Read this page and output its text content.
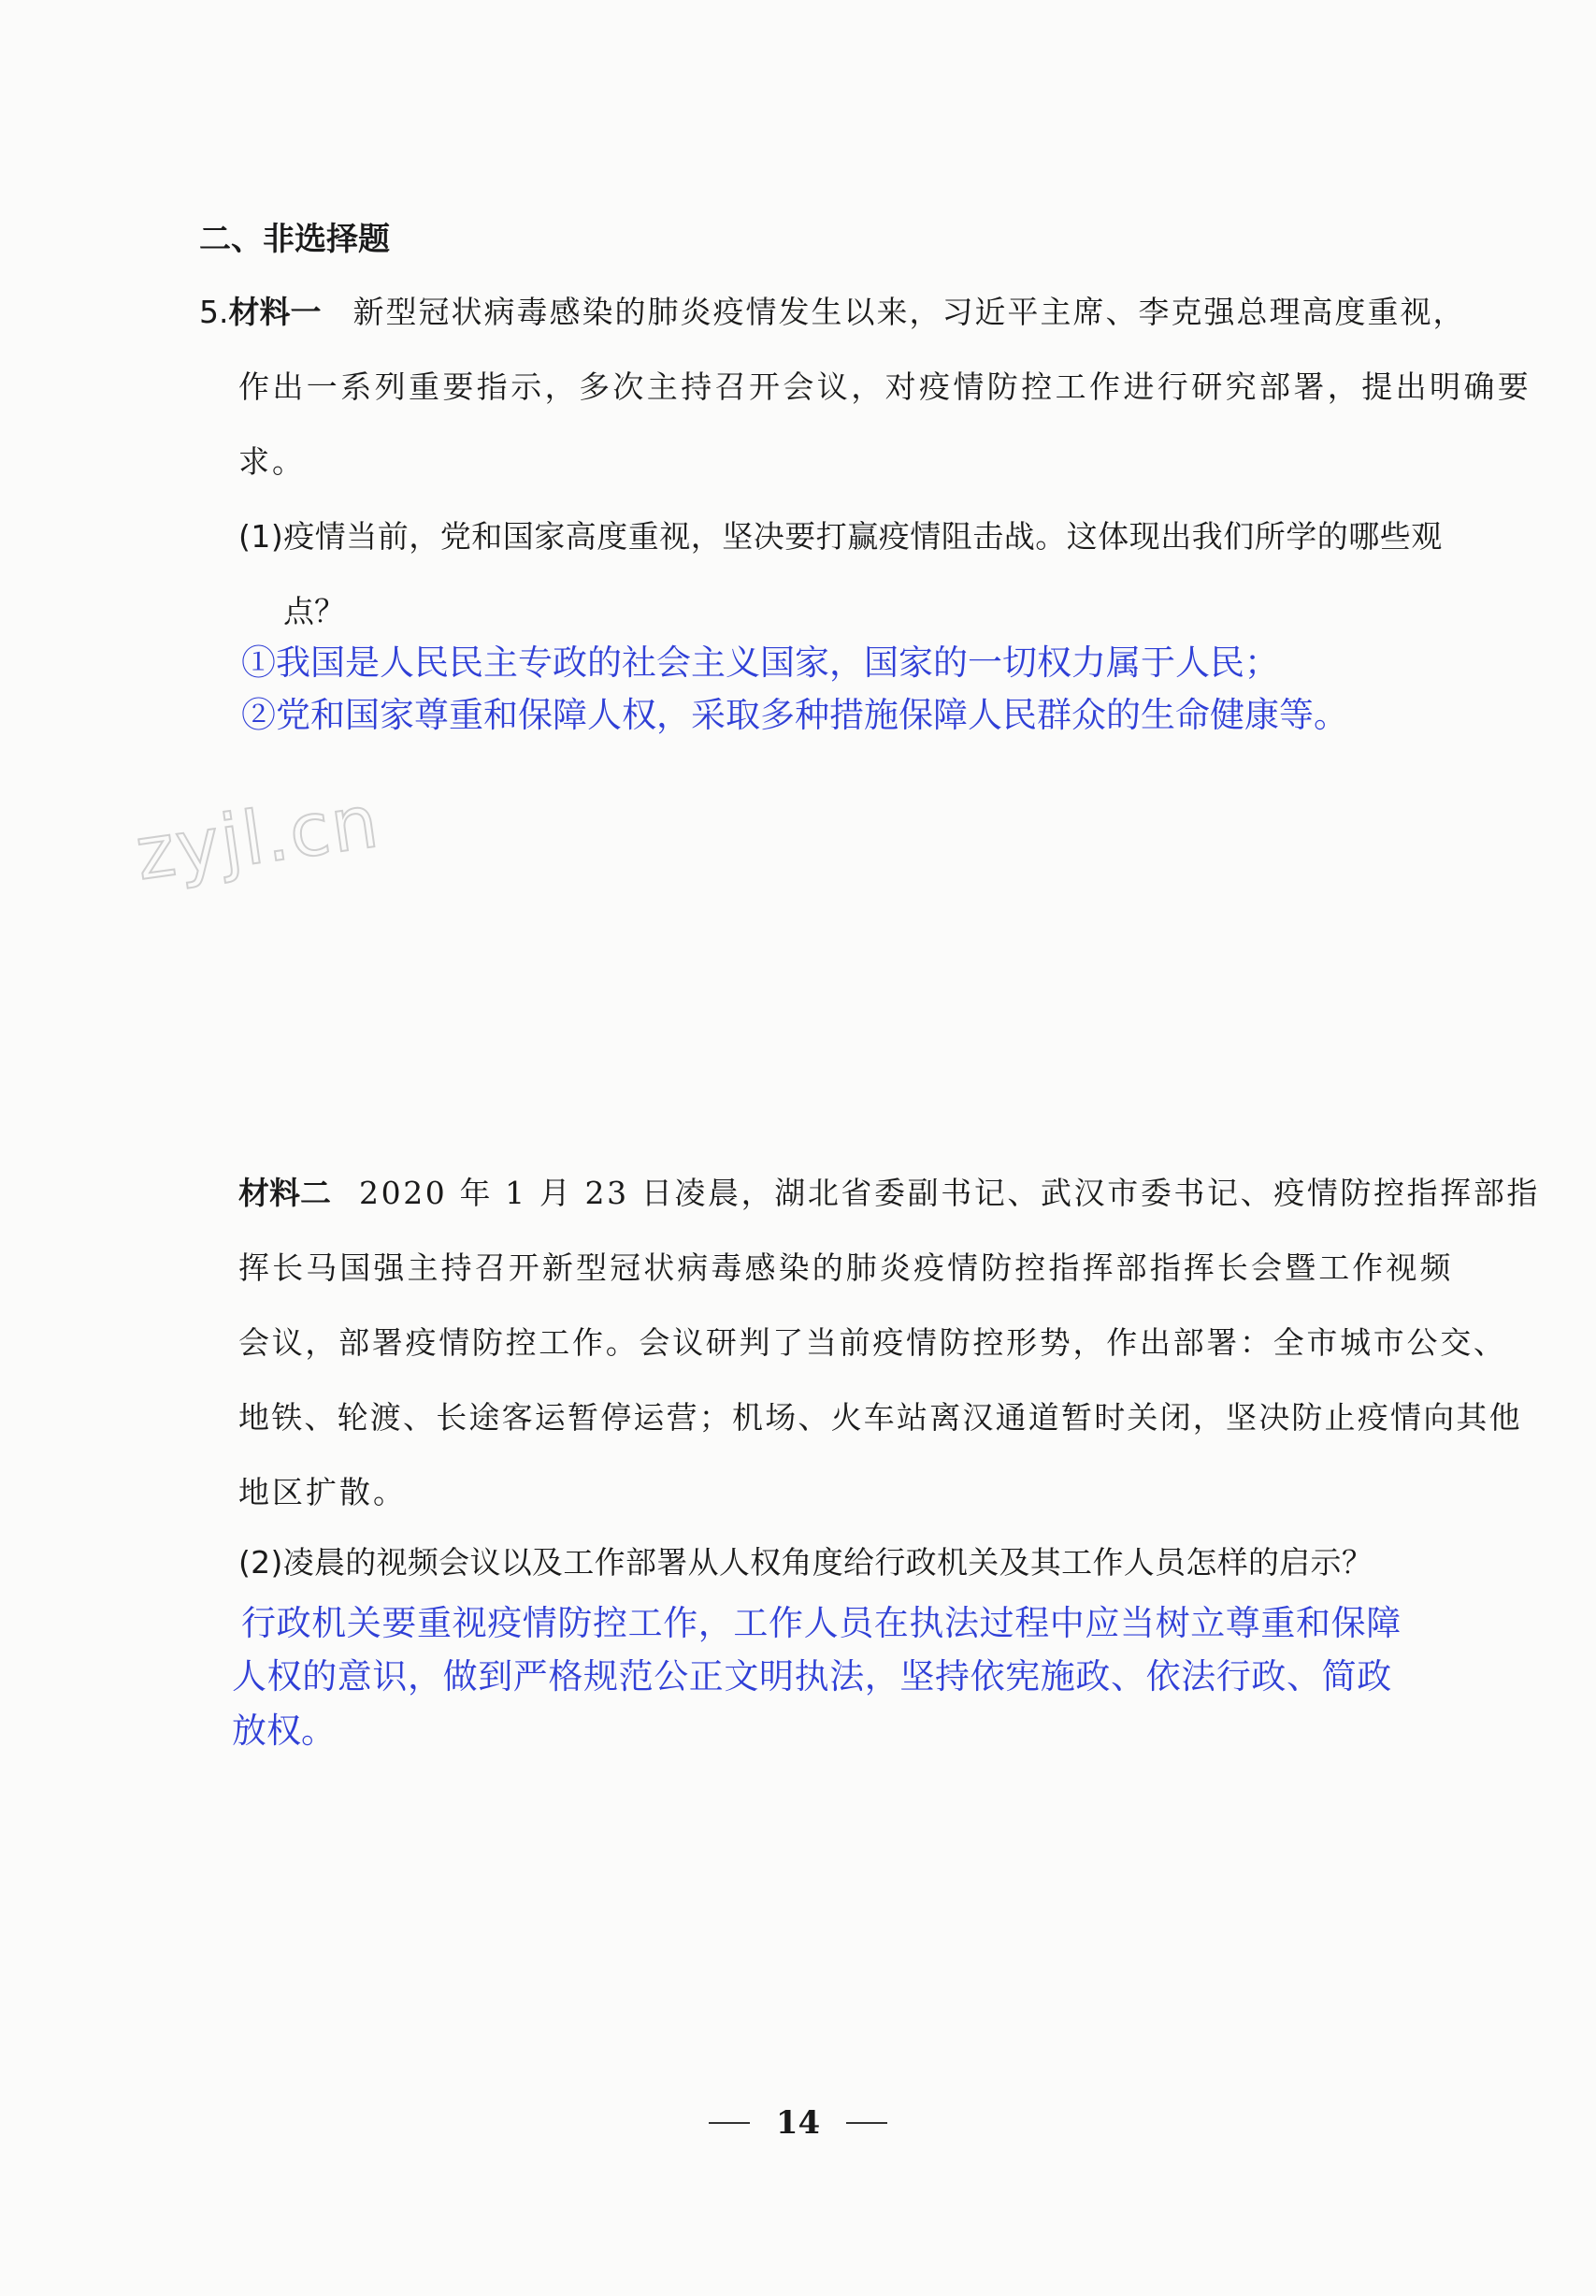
二、非选择题
5. 材料一 新型冠状病毒感染的肺炎疫情发生以来，习近平主席、李克强总理高度重视，
作出一系列重要指示，多次主持召开会议，对疫情防控工作进行研究部署，提出明确要
求。
(1)疫情当前，党和国家高度重视，坚决要打赢疫情阻击战。这体现出我们所学的哪些观
点？
①我国是人民民主专政的社会主义国家，国家的一切权力属于人民；
②党和国家尊重和保障人权，采取多种措施保障人民群众的生命健康等。
zyjl.cn
材料二 2020 年 1 月 23 日凌晨，湖北省委副书记、武汉市委书记、疫情防控指挥部指
挥长马国强主持召开新型冠状病毒感染的肺炎疫情防控指挥部指挥长会暨工作视频
会议，部署疫情防控工作。会议研判了当前疫情防控形势，作出部署：全市城市公交、
地铁、轮渡、长途客运暂停运营；机场、火车站离汉通道暂时关闭，坚决防止疫情向其他
地区扩散。
(2)凌晨的视频会议以及工作部署从人权角度给行政机关及其工作人员怎样的启示？
行政机关要重视疫情防控工作，工作人员在执法过程中应当树立尊重和保障
人权的意识，做到严格规范公正文明执法，坚持依宪施政、依法行政、简政
放权。
14
